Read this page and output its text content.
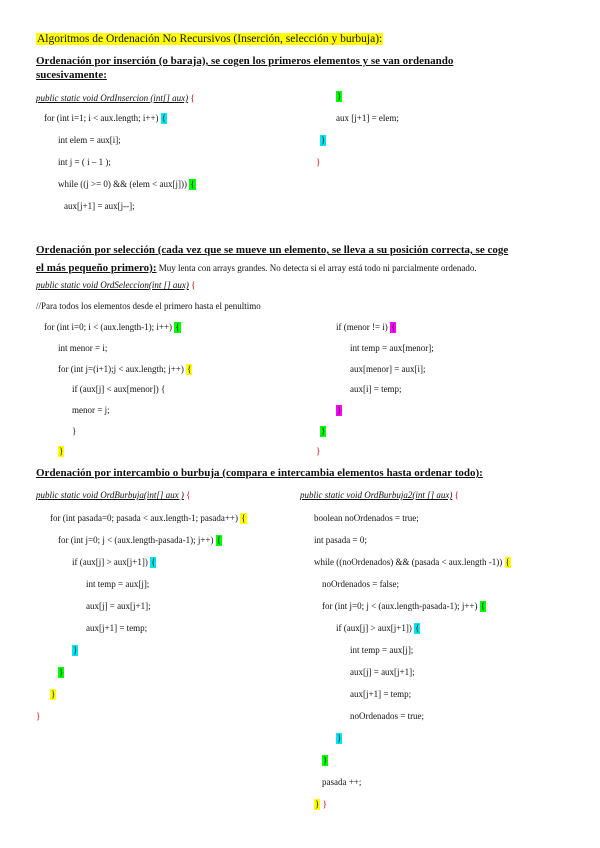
Algoritmos de Ordenación No Recursivos (Inserción, selección y burbuja):
Ordenación por inserción (o baraja), se cogen los primeros elementos y se van ordenando
sucesivamente:
public static void OrdInsercion (int[] aux) {
for (int i=1; i < aux.length; i++) {
int elem = aux[i];
int j = ( i – 1 );
while ((j >= 0) && (elem < aux[j])) {
aux[j+1] = aux[j--];
}
aux [j+1] = elem;
}
}
Ordenación por selección (cada vez que se mueve un elemento, se lleva a su posición correcta, se coge
el más pequeño primero): Muy lenta con arrays grandes. No detecta si el array está todo ni parcialmente ordenado.
public static void OrdSeleccion(int [] aux) {
//Para todos los elementos desde el primero hasta el penultimo
for (int i=0; i < (aux.length-1); i++) {
int menor = i;
for (int j=(i+1);j < aux.length; j++) {
if (aux[j] < aux[menor]) {
menor = j;
}
}
if (menor != i) {
int temp = aux[menor];
aux[menor] = aux[i];
aux[i] = temp;
}
}
}
Ordenación por intercambio o burbuja (compara e intercambia elementos hasta ordenar todo):
public static void OrdBurbuja(int[] aux ) {
for (int pasada=0; pasada < aux.length-1; pasada++) {
for (int j=0; j < (aux.length-pasada-1); j++) {
if (aux[j] > aux[j+1]) {
int temp = aux[j];
aux[j] = aux[j+1];
aux[j+1] = temp;
}
}
}
}
public static void OrdBurbuja2(int [] aux) {
boolean noOrdenados = true;
int pasada = 0;
while ((noOrdenados) && (pasada < aux.length -1)) {
noOrdenados = false;
for (int j=0; j < (aux.length-pasada-1); j++) {
if (aux[j] > aux[j+1]) {
int temp = aux[j];
aux[j] = aux[j+1];
aux[j+1] = temp;
noOrdenados = true;
}
}
pasada ++;
} }
